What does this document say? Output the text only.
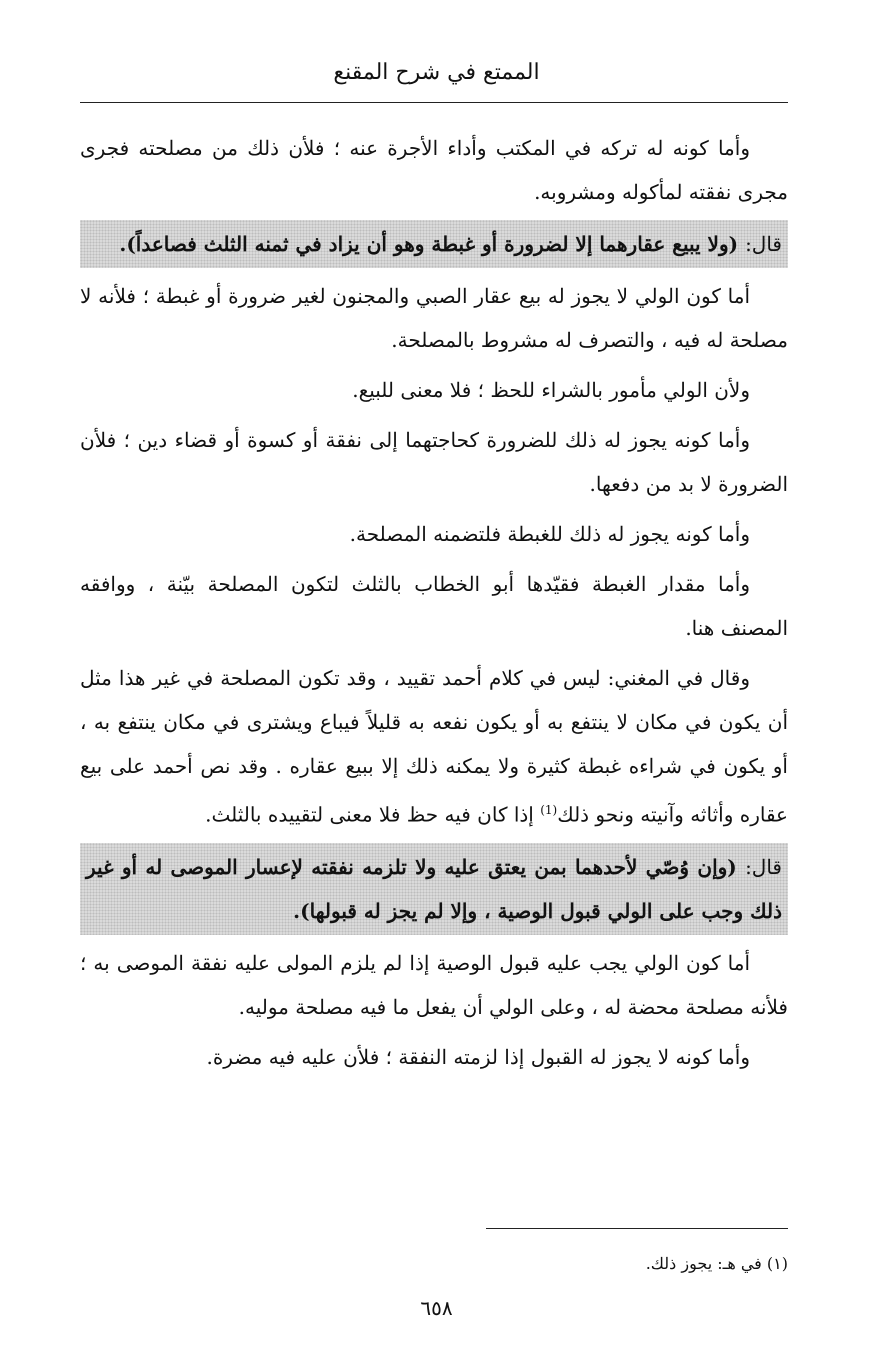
الممتع في شرح المقنع

وأما كونه له تركه في المكتب وأداء الأجرة عنه ؛ فلأن ذلك من مصلحته فجرى مجرى نفقته لمأكوله ومشروبه.

قال: (ولا يبيع عقارهما إلا لضرورة أو غبطة وهو أن يزاد في ثمنه الثلث فصاعداً).

أما كون الولي لا يجوز له بيع عقار الصبي والمجنون لغير ضرورة أو غبطة ؛ فلأنه لا مصلحة له فيه ، والتصرف له مشروط بالمصلحة.

ولأن الولي مأمور بالشراء للحظ ؛ فلا معنى للبيع.

وأما كونه يجوز له ذلك للضرورة كحاجتهما إلى نفقة أو كسوة أو قضاء دين ؛ فلأن الضرورة لا بد من دفعها.

وأما كونه يجوز له ذلك للغبطة فلتضمنه المصلحة.

وأما مقدار الغبطة فقيّدها أبو الخطاب بالثلث لتكون المصلحة بيّنة ، ووافقه المصنف هنا.

وقال في المغني: ليس في كلام أحمد تقييد ، وقد تكون المصلحة في غير هذا مثل أن يكون في مكان لا ينتفع به أو يكون نفعه به قليلاً فيباع ويشترى في مكان ينتفع به ، أو يكون في شراءه غبطة كثيرة ولا يمكنه ذلك إلا ببيع عقاره . وقد نص أحمد على بيع عقاره وأثاثه وآنيته ونحو ذلك$^{(1)}$ إذا كان فيه حظ فلا معنى لتقييده بالثلث.

قال: (وإن وُصّي لأحدهما بمن يعتق عليه ولا تلزمه نفقته لإعسار الموصى له أو غير ذلك وجب على الولي قبول الوصية ، وإلا لم يجز له قبولها).

أما كون الولي يجب عليه قبول الوصية إذا لم يلزم المولى عليه نفقة الموصى به ؛ فلأنه مصلحة محضة له ، وعلى الولي أن يفعل ما فيه مصلحة موليه.

وأما كونه لا يجوز له القبول إذا لزمته النفقة ؛ فلأن عليه فيه مضرة.

(١) في هـ: يجوز ذلك.
٦٥٨
